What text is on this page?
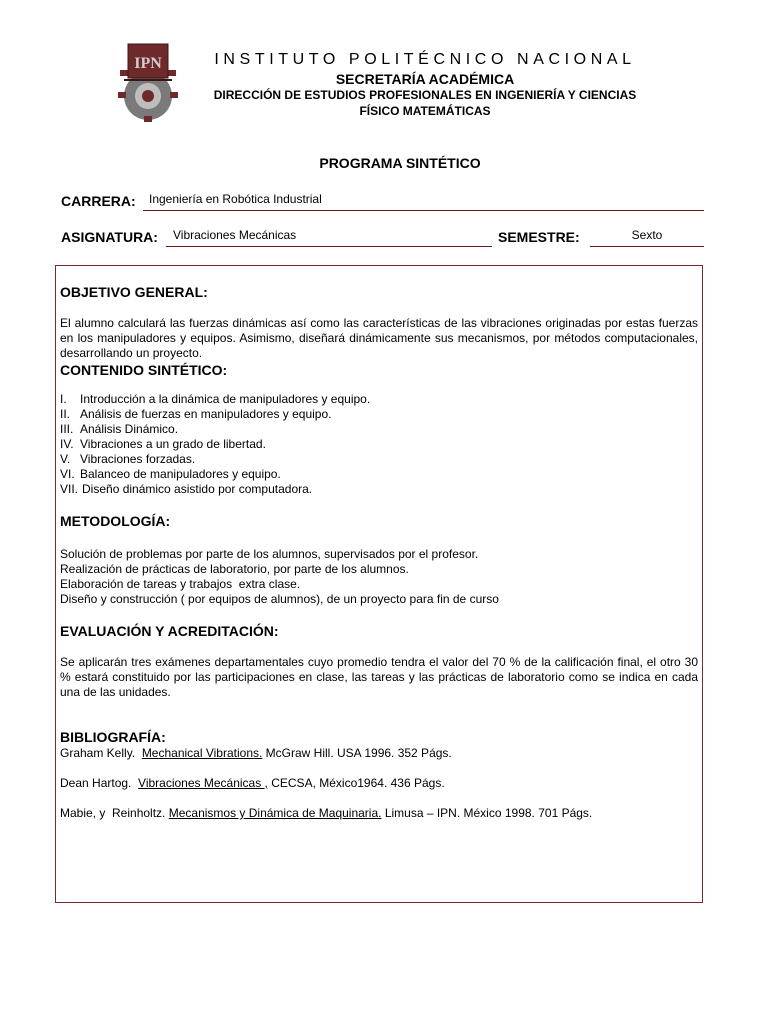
IPN	INSTITUTO POLITÉCNICO NACIONAL
SECRETARÍA ACADÉMICA
DIRECCIÓN DE ESTUDIOS PROFESIONALES EN INGENIERÍA Y CIENCIAS
FÍSICO MATEMÁTICAS
PROGRAMA SINTÉTICO
CARRERA:	Ingeniería en Robótica Industrial
ASIGNATURA:	Vibraciones Mecánicas	SEMESTRE:	Sexto
OBJETIVO GENERAL:
El alumno calculará las fuerzas dinámicas así como las características de las vibraciones originadas por estas fuerzas en los manipuladores y equipos. Asimismo, diseñará dinámicamente sus mecanismos, por métodos computacionales, desarrollando un proyecto.
CONTENIDO SINTÉTICO:
I. Introducción a la dinámica de manipuladores y equipo.
II. Análisis de fuerzas en manipuladores y equipo.
III. Análisis Dinámico.
IV. Vibraciones a un grado de libertad.
V. Vibraciones forzadas.
VI. Balanceo de manipuladores y equipo.
VII. Diseño dinámico asistido por computadora.
METODOLOGÍA:
Solución de problemas por parte de los alumnos, supervisados por el profesor.
Realización de prácticas de laboratorio, por parte de los alumnos.
Elaboración de tareas y trabajos  extra clase.
Diseño y construcción ( por equipos de alumnos), de un proyecto para fin de curso
EVALUACIÓN Y ACREDITACIÓN:
Se aplicarán tres exámenes departamentales cuyo promedio tendra el valor del 70 % de la calificación final, el otro 30 % estará constituido por las participaciones en clase, las tareas y las prácticas de laboratorio como se indica en cada una de las unidades.
BIBLIOGRAFÍA:
Graham Kelly.  Mechanical Vibrations. McGraw Hill. USA 1996. 352 Págs.
Dean Hartog.  Vibraciones Mecánicas , CECSA, México1964. 436 Págs.
Mabie, y  Reinholtz. Mecanismos y Dinámica de Maquinaria. Limusa – IPN. México 1998. 701 Págs.
